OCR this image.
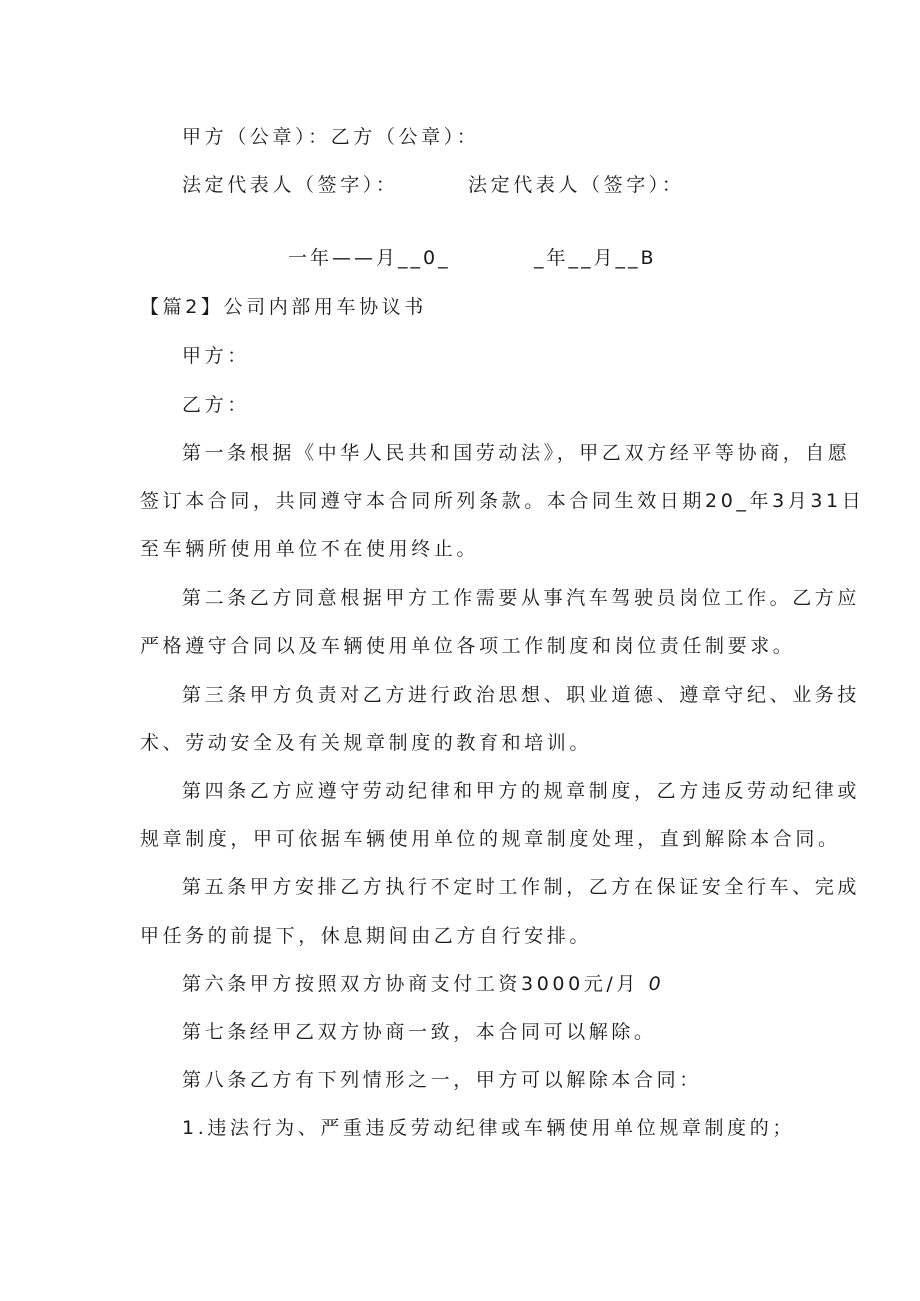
甲方（公章）：乙方（公章）：
法定代表人（签字）：	法定代表人（签字）：
一年——月__0_	_年__月__B
【篇2】公司内部用车协议书
甲方：
乙方：
第一条根据《中华人民共和国劳动法》，甲乙双方经平等协商，自愿
签订本合同，共同遵守本合同所列条款。本合同生效日期20_年3月31日
至车辆所使用单位不在使用终止。
第二条乙方同意根据甲方工作需要从事汽车驾驶员岗位工作。乙方应
严格遵守合同以及车辆使用单位各项工作制度和岗位责任制要求。
第三条甲方负责对乙方进行政治思想、职业道德、遵章守纪、业务技
术、劳动安全及有关规章制度的教育和培训。
第四条乙方应遵守劳动纪律和甲方的规章制度，乙方违反劳动纪律或
规章制度，甲可依据车辆使用单位的规章制度处理，直到解除本合同。
第五条甲方安排乙方执行不定时工作制，乙方在保证安全行车、完成
甲任务的前提下，休息期间由乙方自行安排。
第六条甲方按照双方协商支付工资3000元/月 0
第七条经甲乙双方协商一致，本合同可以解除。
第八条乙方有下列情形之一，甲方可以解除本合同：
1.违法行为、严重违反劳动纪律或车辆使用单位规章制度的；
